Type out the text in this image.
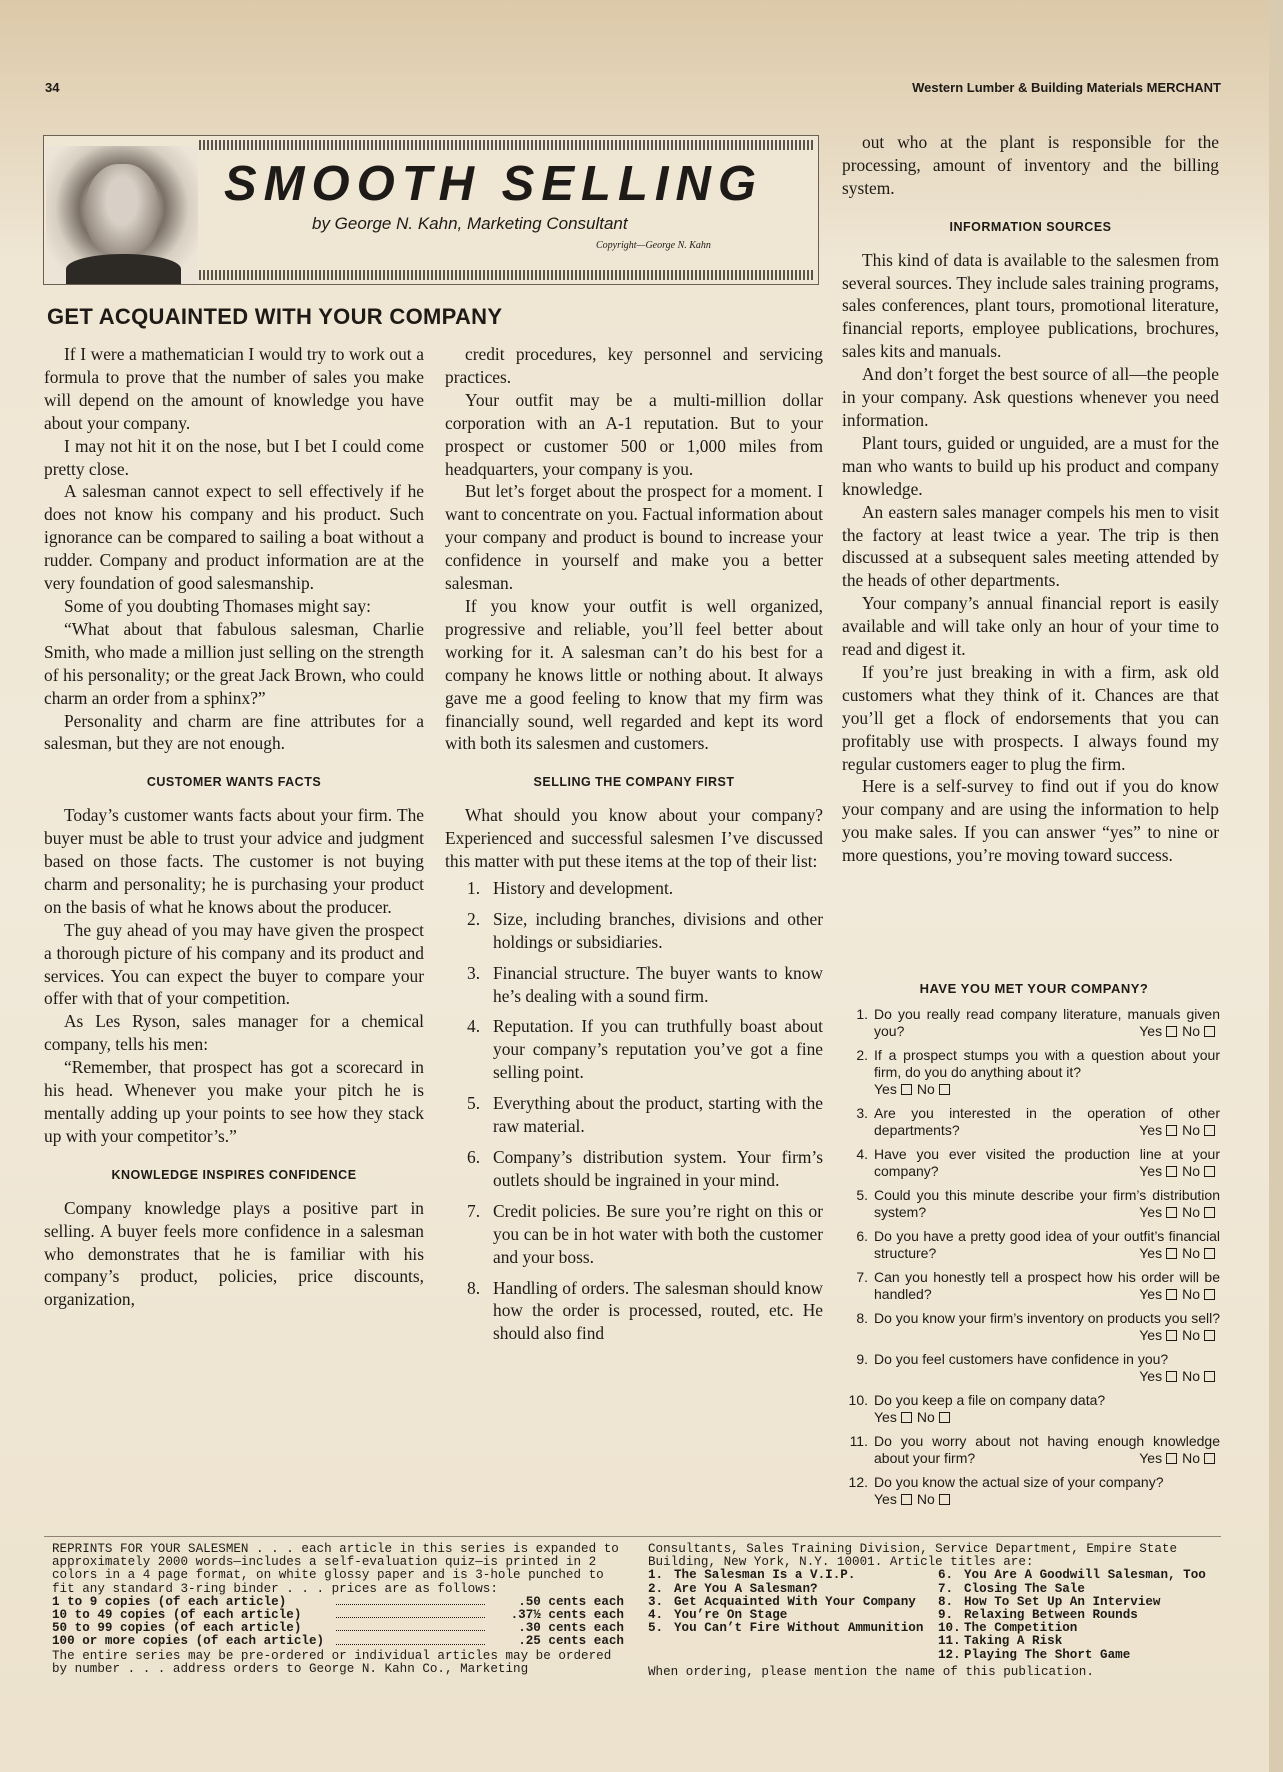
34	Western Lumber & Building Materials MERCHANT
SMOOTH SELLING
by George N. Kahn, Marketing Consultant
Copyright—George N. Kahn
GET ACQUAINTED WITH YOUR COMPANY

If I were a mathematician I would try to work out a formula to prove that the number of sales you make will depend on the amount of knowledge you have about your company.

I may not hit it on the nose, but I bet I could come pretty close.

A salesman cannot expect to sell effectively if he does not know his company and his product. Such ignorance can be compared to sailing a boat without a rudder. Company and product information are at the very foundation of good salesmanship.

Some of you doubting Thomases might say:

“What about that fabulous salesman, Charlie Smith, who made a million just selling on the strength of his personality; or the great Jack Brown, who could charm an order from a sphinx?”

Personality and charm are fine attributes for a salesman, but they are not enough.

CUSTOMER WANTS FACTS

Today’s customer wants facts about your firm. The buyer must be able to trust your advice and judgment based on those facts. The customer is not buying charm and personality; he is purchasing your product on the basis of what he knows about the producer.

The guy ahead of you may have given the prospect a thorough picture of his company and its product and services. You can expect the buyer to compare your offer with that of your competition.

As Les Ryson, sales manager for a chemical company, tells his men:

“Remember, that prospect has got a scorecard in his head. Whenever you make your pitch he is mentally adding up your points to see how they stack up with your competitor’s.”

KNOWLEDGE INSPIRES CONFIDENCE

Company knowledge plays a positive part in selling. A buyer feels more confidence in a salesman who demonstrates that he is familiar with his company’s product, policies, price discounts, organization,

credit procedures, key personnel and servicing practices.

Your outfit may be a multi-million dollar corporation with an A-1 reputation. But to your prospect or customer 500 or 1,000 miles from headquarters, your company is you.

But let’s forget about the prospect for a moment. I want to concentrate on you. Factual information about your company and product is bound to increase your confidence in yourself and make you a better salesman.

If you know your outfit is well organized, progressive and reliable, you’ll feel better about working for it. A salesman can’t do his best for a company he knows little or nothing about. It always gave me a good feeling to know that my firm was financially sound, well regarded and kept its word with both its salesmen and customers.

SELLING THE COMPANY FIRST

What should you know about your company? Experienced and successful salesmen I’ve discussed this matter with put these items at the top of their list:

1. History and development.
2. Size, including branches, divisions and other holdings or subsidiaries.
3. Financial structure. The buyer wants to know he’s dealing with a sound firm.
4. Reputation. If you can truthfully boast about your company’s reputation you’ve got a fine selling point.
5. Everything about the product, starting with the raw material.
6. Company’s distribution system. Your firm’s outlets should be ingrained in your mind.
7. Credit policies. Be sure you’re right on this or you can be in hot water with both the customer and your boss.
8. Handling of orders. The salesman should know how the order is processed, routed, etc. He should also find

out who at the plant is responsible for the processing, amount of inventory and the billing system.

INFORMATION SOURCES

This kind of data is available to the salesmen from several sources. They include sales training programs, sales conferences, plant tours, promotional literature, financial reports, employee publications, brochures, sales kits and manuals.

And don’t forget the best source of all—the people in your company. Ask questions whenever you need information.

Plant tours, guided or unguided, are a must for the man who wants to build up his product and company knowledge.

An eastern sales manager compels his men to visit the factory at least twice a year. The trip is then discussed at a subsequent sales meeting attended by the heads of other departments.

Your company’s annual financial report is easily available and will take only an hour of your time to read and digest it.

If you’re just breaking in with a firm, ask old customers what they think of it. Chances are that you’ll get a flock of endorsements that you can profitably use with prospects. I always found my regular customers eager to plug the firm.

Here is a self-survey to find out if you do know your company and are using the information to help you make sales. If you can answer “yes” to nine or more questions, you’re moving toward success.

HAVE YOU MET YOUR COMPANY?
1. Do you really read company literature, manuals given you?	Yes No
2. If a prospect stumps you with a question about your firm, do you do anything about it?
Yes No
3. Are you interested in the operation of other departments?	Yes No
4. Have you ever visited the production line at your company?	Yes No
5. Could you this minute describe your firm’s distribution system?	Yes No
6. Do you have a pretty good idea of your outfit’s financial structure?	Yes No
7. Can you honestly tell a prospect how his order will be handled?	Yes No
8. Do you know your firm’s inventory on products you sell?
Yes No
9. Do you feel customers have confidence in you?
Yes No
10. Do you keep a file on company data?
Yes No
11. Do you worry about not having enough knowledge about your firm?	Yes No
12. Do you know the actual size of your company?
Yes No
REPRINTS FOR YOUR SALESMEN . . . each article in this series is expanded to approximately 2000 words—includes a self-evaluation quiz—is printed in 2 colors in a 4 page format, on white glossy paper and is 3-hole punched to fit any standard 3-ring binder . . . prices are as follows:
1 to 9 copies (of each article)	.50 cents each
10 to 49 copies (of each article)	.37½ cents each
50 to 99 copies (of each article)	.30 cents each
100 or more copies (of each article)	.25 cents each
The entire series may be pre-ordered or individual articles may be ordered by number . . . address orders to George N. Kahn Co., Marketing
Consultants, Sales Training Division, Service Department, Empire State Building, New York, N.Y. 10001. Article titles are:
1. The Salesman Is a V.I.P.
2. Are You A Salesman?
3. Get Acquainted With Your Company
4. You’re On Stage
5. You Can’t Fire Without Ammunition
6. You Are A Goodwill Salesman, Too
7. Closing The Sale
8. How To Set Up An Interview
9. Relaxing Between Rounds
10. The Competition
11. Taking A Risk
12. Playing The Short Game
When ordering, please mention the name of this publication.
